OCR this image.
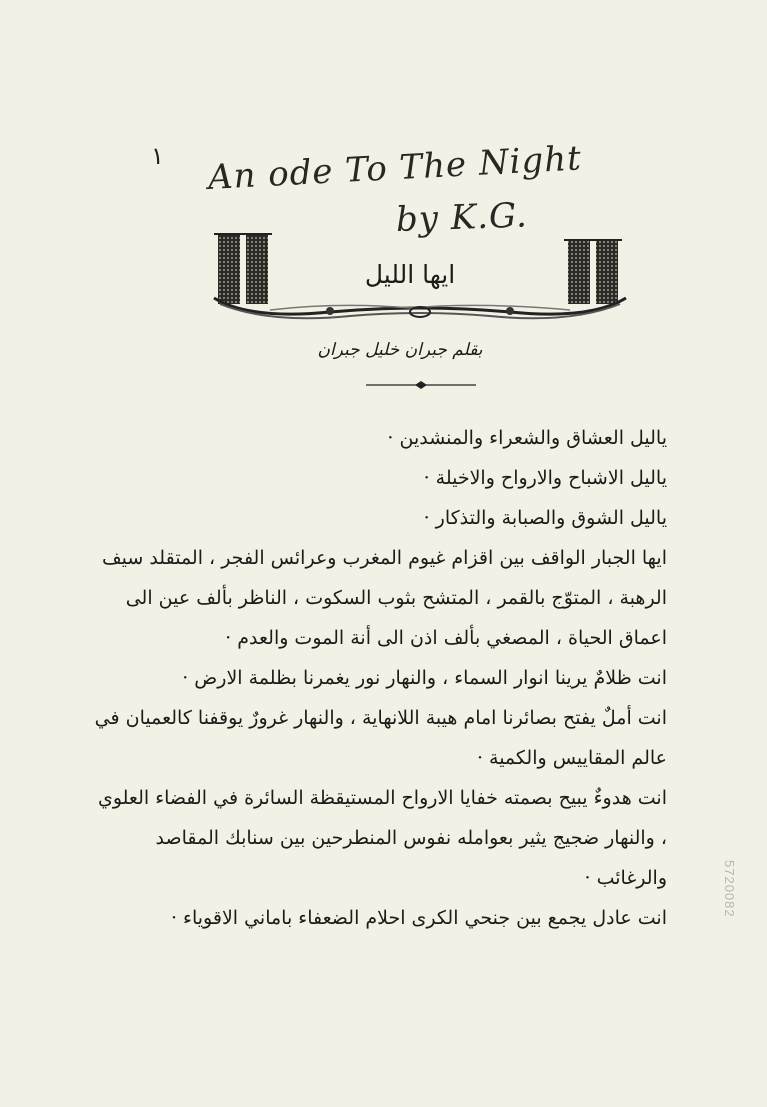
١ An ode To The Night
by K.G.
ايها الليل
بقلم جبران خليل جبران

ياليل العشاق والشعراء والمنشدين ·

ياليل الاشباح والارواح والاخيلة ·

ياليل الشوق والصبابة والتذكار ·

ايها الجبار الواقف بين اقزام غيوم المغرب وعرائس الفجر ، المتقلد سيف الرهبة ، المتوّج بالقمر ، المتشح بثوب السكوت ، الناظر بألف عين الى اعماق الحياة ، المصغي بألف اذن الى أنة الموت والعدم ·

انت ظلامٌ يرينا انوار السماء ، والنهار نور يغمرنا بظلمة الارض ·

انت أملٌ يفتح بصائرنا امام هيبة اللانهاية ، والنهار غرورٌ يوقفنا كالعميان في عالم المقاييس والكمية ·

انت هدوءٌ يبيح بصمته خفايا الارواح المستيقظة السائرة في الفضاء العلوي ، والنهار ضجيج يثير بعوامله نفوس المنطرحين بين سنابك المقاصد والرغائب ·

انت عادل يجمع بين جنحي الكرى احلام الضعفاء باماني الاقوياء ·

5720082
